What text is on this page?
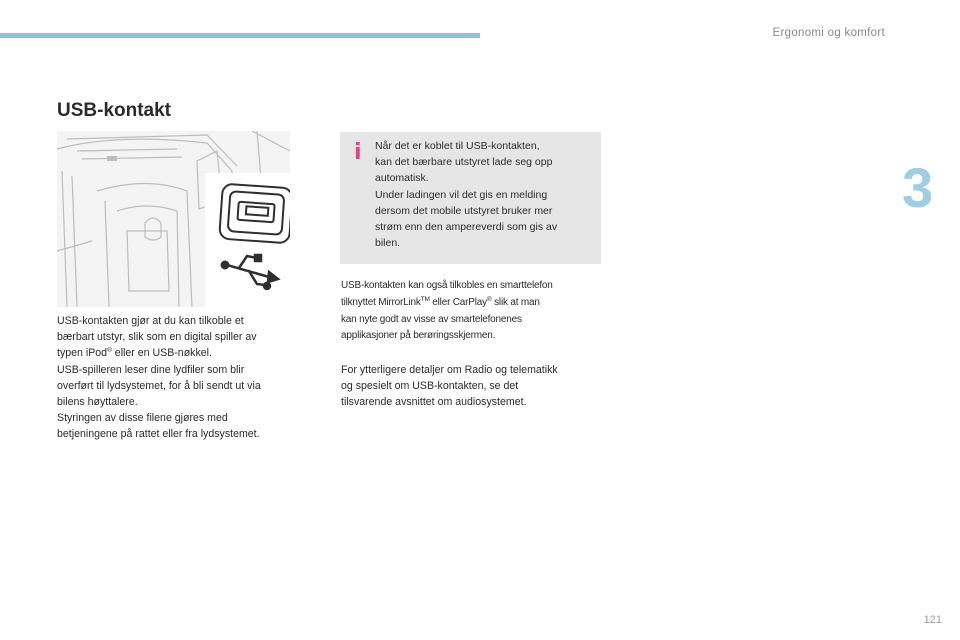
Ergonomi og komfort
3
USB-kontakt

USB-kontakten gjør at du kan tilkoble et

bærbart utstyr, slik som en digital spiller av

typen iPod® eller en USB-nøkkel.

USB-spilleren leser dine lydfiler som blir

overført til lydsystemet, for å bli sendt ut via

bilens høyttalere.

Styringen av disse filene gjøres med

betjeningene på rattet eller fra lydsystemet.

i Når det er koblet til USB-kontakten,

kan det bærbare utstyret lade seg opp

automatisk.

Under ladingen vil det gis en melding

dersom det mobile utstyret bruker mer

strøm enn den ampereverdi som gis av

bilen.

USB-kontakten kan også tilkobles en smarttelefon

tilknyttet MirrorLink™ eller CarPlay® slik at man

kan nyte godt av visse av smartelefonenes

applikasjoner på berøringsskjermen.

For ytterligere detaljer om Radio og telematikk

og spesielt om USB-kontakten, se det

tilsvarende avsnittet om audiosystemet.

121
